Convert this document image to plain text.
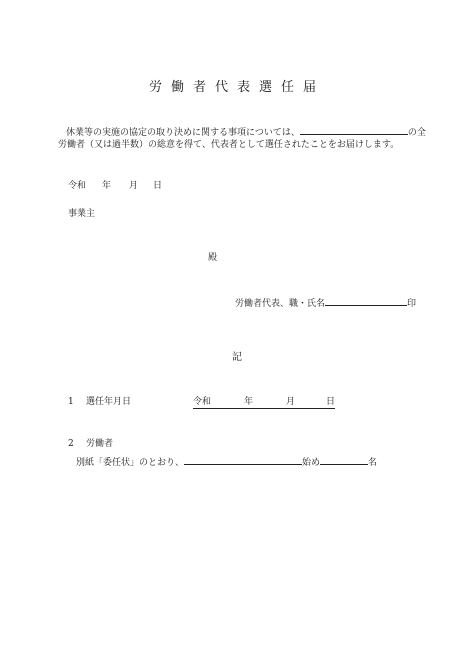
労働者代表選任届
休業等の実施の協定の取り決めに関する事項については、	の全
労働者（又は過半数）の総意を得て、代表者として選任されたことをお届けします。
令和 年 月 日
事業主
殿
労働者代表、職・氏名	印
記
1 選任年月日	令和	年	月	日
2 労働者
別紙「委任状」のとおり、	始め	名
